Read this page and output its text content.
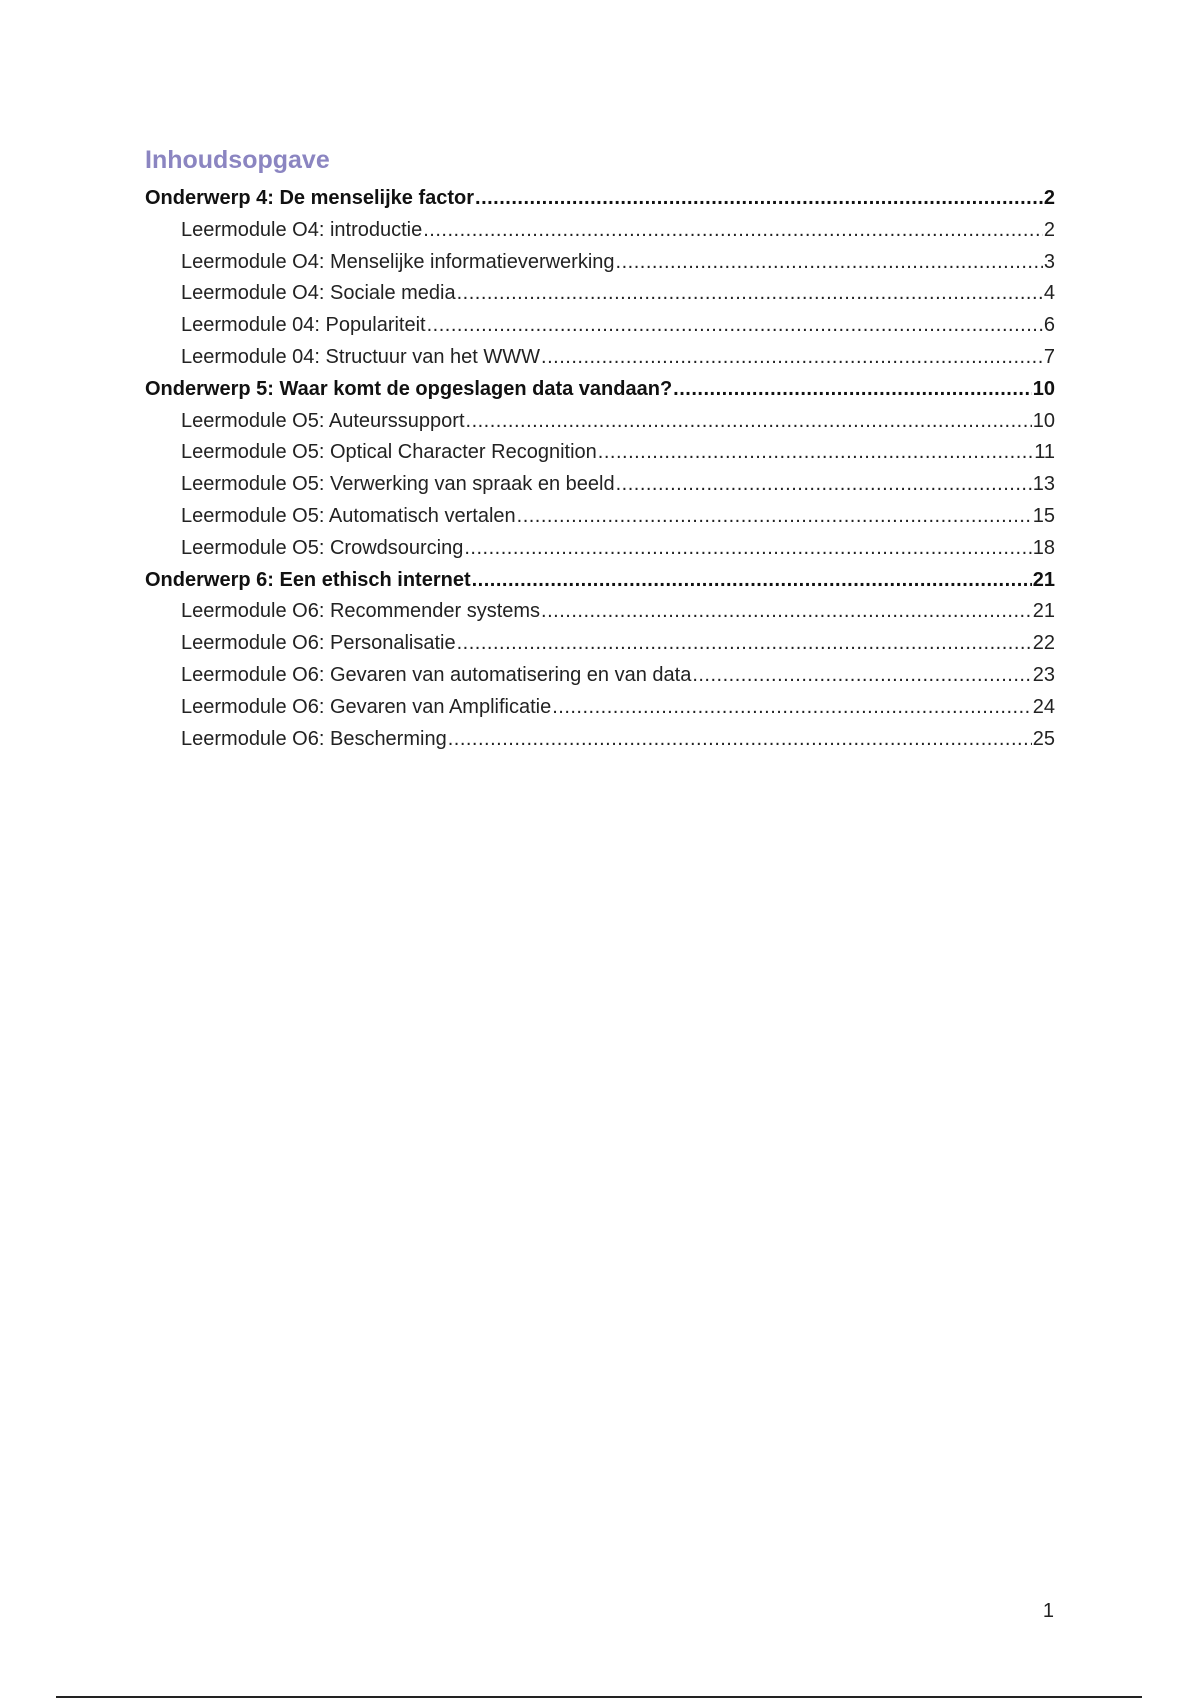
Inhoudsopgave
Onderwerp 4: De menselijke factor .....	2
Leermodule O4: introductie .....	2
Leermodule O4: Menselijke informatieverwerking .....	3
Leermodule O4: Sociale media .....	4
Leermodule 04: Populariteit .....	6
Leermodule 04: Structuur van het WWW .....	7
Onderwerp 5: Waar komt de opgeslagen data vandaan? .....	10
Leermodule O5: Auteurssupport .....	10
Leermodule O5: Optical Character Recognition .....	11
Leermodule O5: Verwerking van spraak en beeld .....	13
Leermodule O5: Automatisch vertalen .....	15
Leermodule O5: Crowdsourcing .....	18
Onderwerp 6: Een ethisch internet .....	21
Leermodule O6: Recommender systems .....	21
Leermodule O6: Personalisatie .....	22
Leermodule O6: Gevaren van automatisering en van data .....	23
Leermodule O6: Gevaren van Amplificatie .....	24
Leermodule O6: Bescherming .....	25
1
